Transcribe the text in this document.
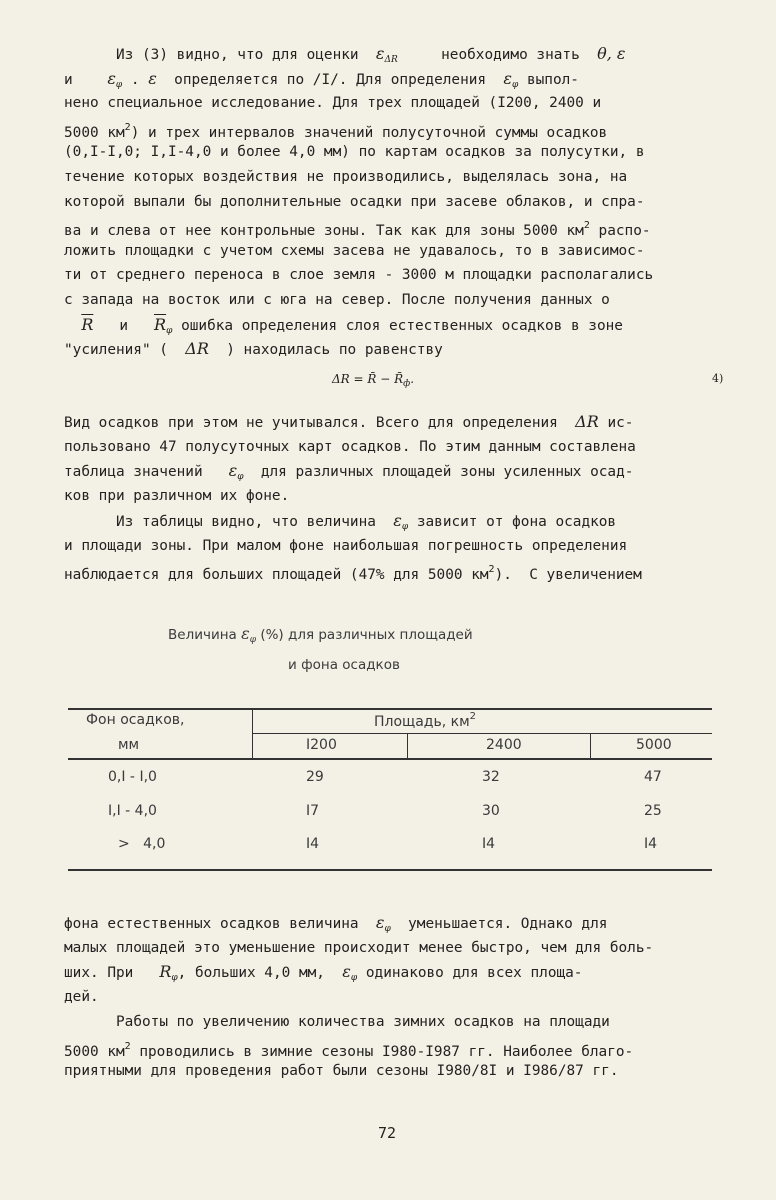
Из (3) видно, что для оценки $\varepsilon_{\Delta R}$	необходимо знать θ, ε
и $\varepsilon_\varphi$ . ε определяется по /I/. Для определения $\varepsilon_\varphi$ выпол-
нено специальное исследование. Для трех площадей (I200, 2400 и
5000 $км^2$) и трех интервалов значений полусуточной суммы осадков
(0,I-I,0; I,I-4,0 и более 4,0 мм) по картам осадков за полусутки, в
течение которых воздействия не производились, выделялась зона, на
которой выпали бы дополнительные осадки при засеве облаков, и спра-
ва и слева от нее контрольные зоны. Так как для зоны 5000 $км^2$ распо-
ложить площадки с учетом схемы засева не удавалось, то в зависимос-
ти от среднего переноса в слое земля - 3000 м площадки располагались
с запада на восток или с юга на север. После получения данных о
$\overline{R}$ и $\overline{R}_\varphi$ ошибка определения слоя естественных осадков в зоне
"усиления" ( ΔR ) находилась по равенству
ΔR = R̄ − $R̄_ф$.	4)
Вид осадков при этом не учитывался. Всего для определения ΔR ис-
пользовано 47 полусуточных карт осадков. По этим данным составлена
таблица значений $\varepsilon_\varphi$ для различных площадей зоны усиленных осад-
ков при различном их фоне.
Из таблицы видно, что величина $\varepsilon_\varphi$ зависит от фона осадков
и площади зоны. При малом фоне наибольшая погрешность определения
наблюдается для больших площадей (47% для 5000 $км^2$).  С увеличением
Величина $\varepsilon_\varphi$ (%) для различных площадей
и фона осадков
Фон осадков,
мм
Площадь, $км^2$
I200	2400	5000
0,I - I,0	29	32	47
I,I - 4,0	I7	30	25
>   4,0	I4	I4	I4
фона естественных осадков величина $\varepsilon_\varphi$ уменьшается. Однако для
малых площадей это уменьшение происходит менее быстро, чем для боль-
ших. При $R_\varphi$, больших 4,0 мм, $\varepsilon_\varphi$ одинаково для всех площа-
дей.
Работы по увеличению количества зимних осадков на площади
5000 $км^2$ проводились в зимние сезоны I980-I987 гг. Наиболее благо-
приятными для проведения работ были сезоны I980/8I и I986/87 гг.
72
